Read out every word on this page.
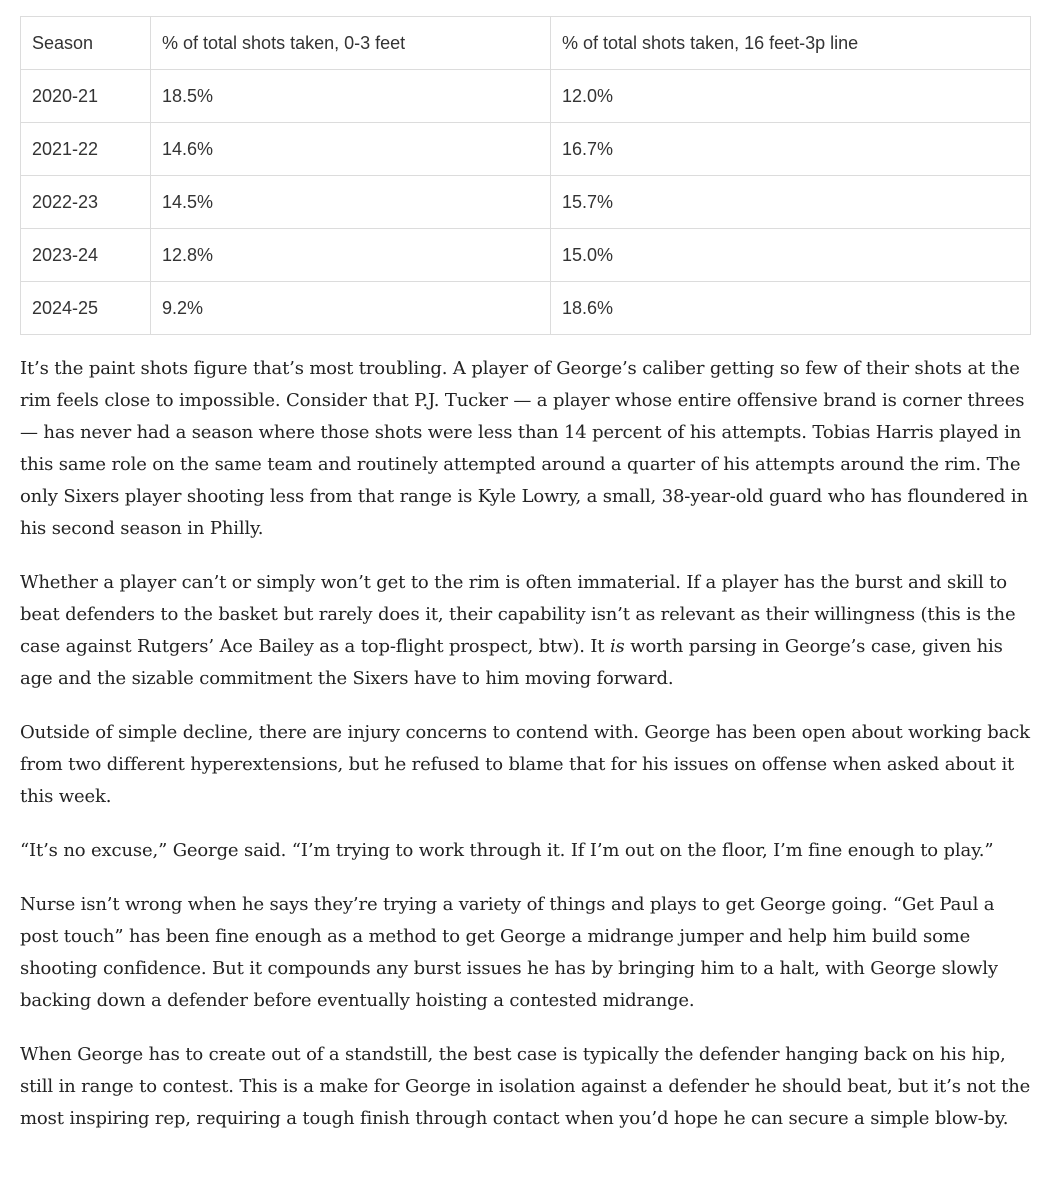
Season	% of total shots taken, 0-3 feet	% of total shots taken, 16 feet-3p line
2020-21	18.5%	12.0%
2021-22	14.6%	16.7%
2022-23	14.5%	15.7%
2023-24	12.8%	15.0%
2024-25	9.2%	18.6%

It’s the paint shots figure that’s most troubling. A player of George’s caliber getting so few of their shots at the rim feels close to impossible. Consider that P.J. Tucker — a player whose entire offensive brand is corner threes — has never had a season where those shots were less than 14 percent of his attempts. Tobias Harris played in this same role on the same team and routinely attempted around a quarter of his attempts around the rim. The only Sixers player shooting less from that range is Kyle Lowry, a small, 38-year-old guard who has floundered in his second season in Philly.

Whether a player can’t or simply won’t get to the rim is often immaterial. If a player has the burst and skill to beat defenders to the basket but rarely does it, their capability isn’t as relevant as their willingness (this is the case against Rutgers’ Ace Bailey as a top-flight prospect, btw). It is worth parsing in George’s case, given his age and the sizable commitment the Sixers have to him moving forward.

Outside of simple decline, there are injury concerns to contend with. George has been open about working back from two different hyperextensions, but he refused to blame that for his issues on offense when asked about it this week.

“It’s no excuse,” George said. “I’m trying to work through it. If I’m out on the floor, I’m fine enough to play.”

Nurse isn’t wrong when he says they’re trying a variety of things and plays to get George going. “Get Paul a post touch” has been fine enough as a method to get George a midrange jumper and help him build some shooting confidence. But it compounds any burst issues he has by bringing him to a halt, with George slowly backing down a defender before eventually hoisting a contested midrange.

When George has to create out of a standstill, the best case is typically the defender hanging back on his hip, still in range to contest. This is a make for George in isolation against a defender he should beat, but it’s not the most inspiring rep, requiring a tough finish through contact when you’d hope he can secure a simple blow-by.
